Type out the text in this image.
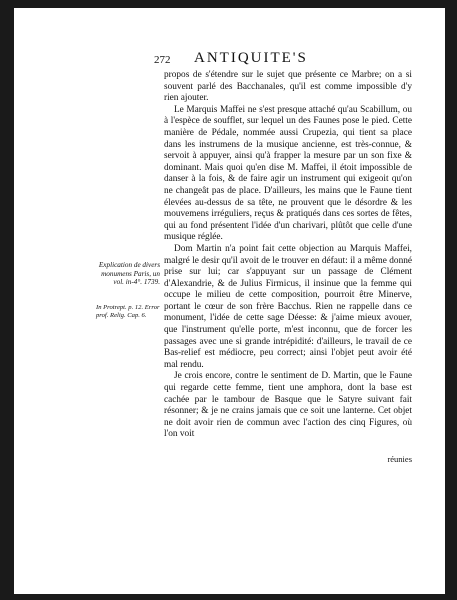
272 ANTIQUITE'S

propos de s'étendre sur le sujet que présente ce Marbre; on a si souvent parlé des Bacchanales, qu'il est comme impossible d'y rien ajouter.

Le Marquis Maffei ne s'est presque attaché qu'au Scabillum, ou à l'espèce de soufflet, sur lequel un des Faunes pose le pied. Cette manière de Pédale, nommée aussi Crupezia, qui tient sa place dans les instrumens de la musique ancienne, est très-connue, & servoit à appuyer, ainsi qu'à frapper la mesure par un son fixe & dominant. Mais quoi qu'en dise M. Maffei, il étoit impossible de danser à la fois, & de faire agir un instrument qui exigeoit qu'on ne changeât pas de place. D'ailleurs, les mains que le Faune tient élevées au-dessus de sa tête, ne prouvent que le désordre & les mouvemens irréguliers, reçus & pratiqués dans ces sortes de fêtes, qui au fond présentent l'idée d'un charivari, plûtôt que celle d'une musique réglée.

Dom Martin n'a point fait cette objection au Marquis Maffei, malgré le desir qu'il avoit de le trouver en défaut: il a même donné prise sur lui; car s'appuyant sur un passage de Clément d'Alexandrie, & de Julius Firmicus, il insinue que la femme qui occupe le milieu de cette composition, pourroit être Minerve, portant le cœur de son frère Bacchus. Rien ne rappelle dans ce monument, l'idée de cette sage Déesse: & j'aime mieux avouer, que l'instrument qu'elle porte, m'est inconnu, que de forcer les passages avec une si grande intrépidité: d'ailleurs, le travail de ce Bas-relief est médiocre, peu correct; ainsi l'objet peut avoir été mal rendu.

Je crois encore, contre le sentiment de D. Martin, que le Faune qui regarde cette femme, tient une amphora, dont la base est cachée par le tambour de Basque que le Satyre suivant fait résonner; & je ne crains jamais que ce soit une lanterne. Cet objet ne doit avoir rien de commun avec l'action des cinq Figures, où l'on voit

réunies
Explication de divers monumens Paris, un vol. in-4°. 1739.
In Protrept. p. 12. Error prof. Relig. Cap. 6.
